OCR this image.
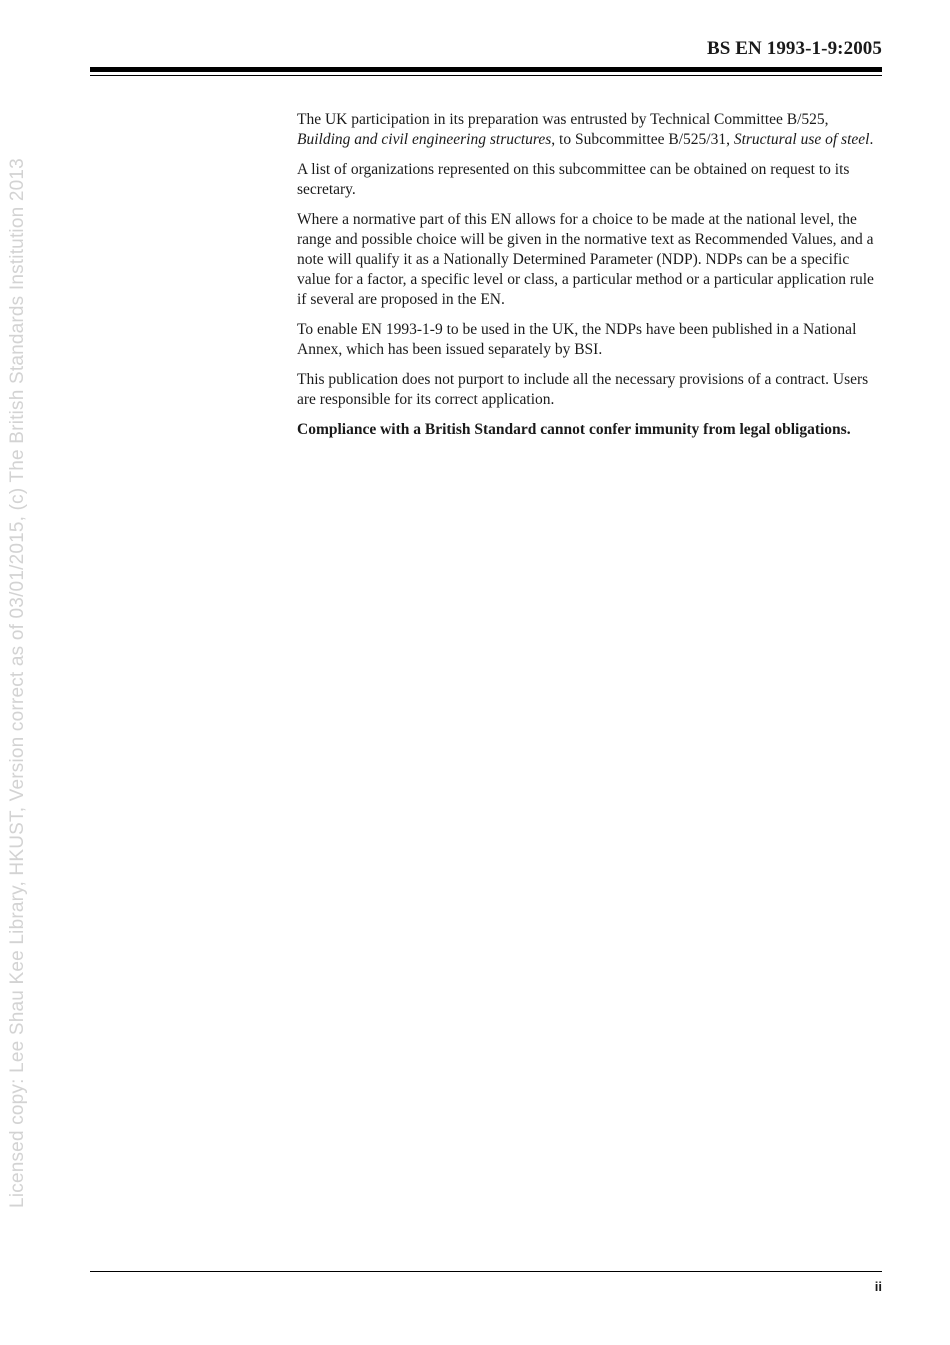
BS EN 1993-1-9:2005
Licensed copy: Lee Shau Kee Library, HKUST, Version correct as of 03/01/2015, (c) The British Standards Institution 2013

The UK participation in its preparation was entrusted by Technical Committee B/525, Building and civil engineering structures, to Subcommittee B/525/31, Structural use of steel.

A list of organizations represented on this subcommittee can be obtained on request to its secretary.

Where a normative part of this EN allows for a choice to be made at the national level, the range and possible choice will be given in the normative text as Recommended Values, and a note will qualify it as a Nationally Determined Parameter (NDP). NDPs can be a specific value for a factor, a specific level or class, a particular method or a particular application rule if several are proposed in the EN.

To enable EN 1993-1-9 to be used in the UK, the NDPs have been published in a National Annex, which has been issued separately by BSI.

This publication does not purport to include all the necessary provisions of a contract. Users are responsible for its correct application.

Compliance with a British Standard cannot confer immunity from legal obligations.

ii
